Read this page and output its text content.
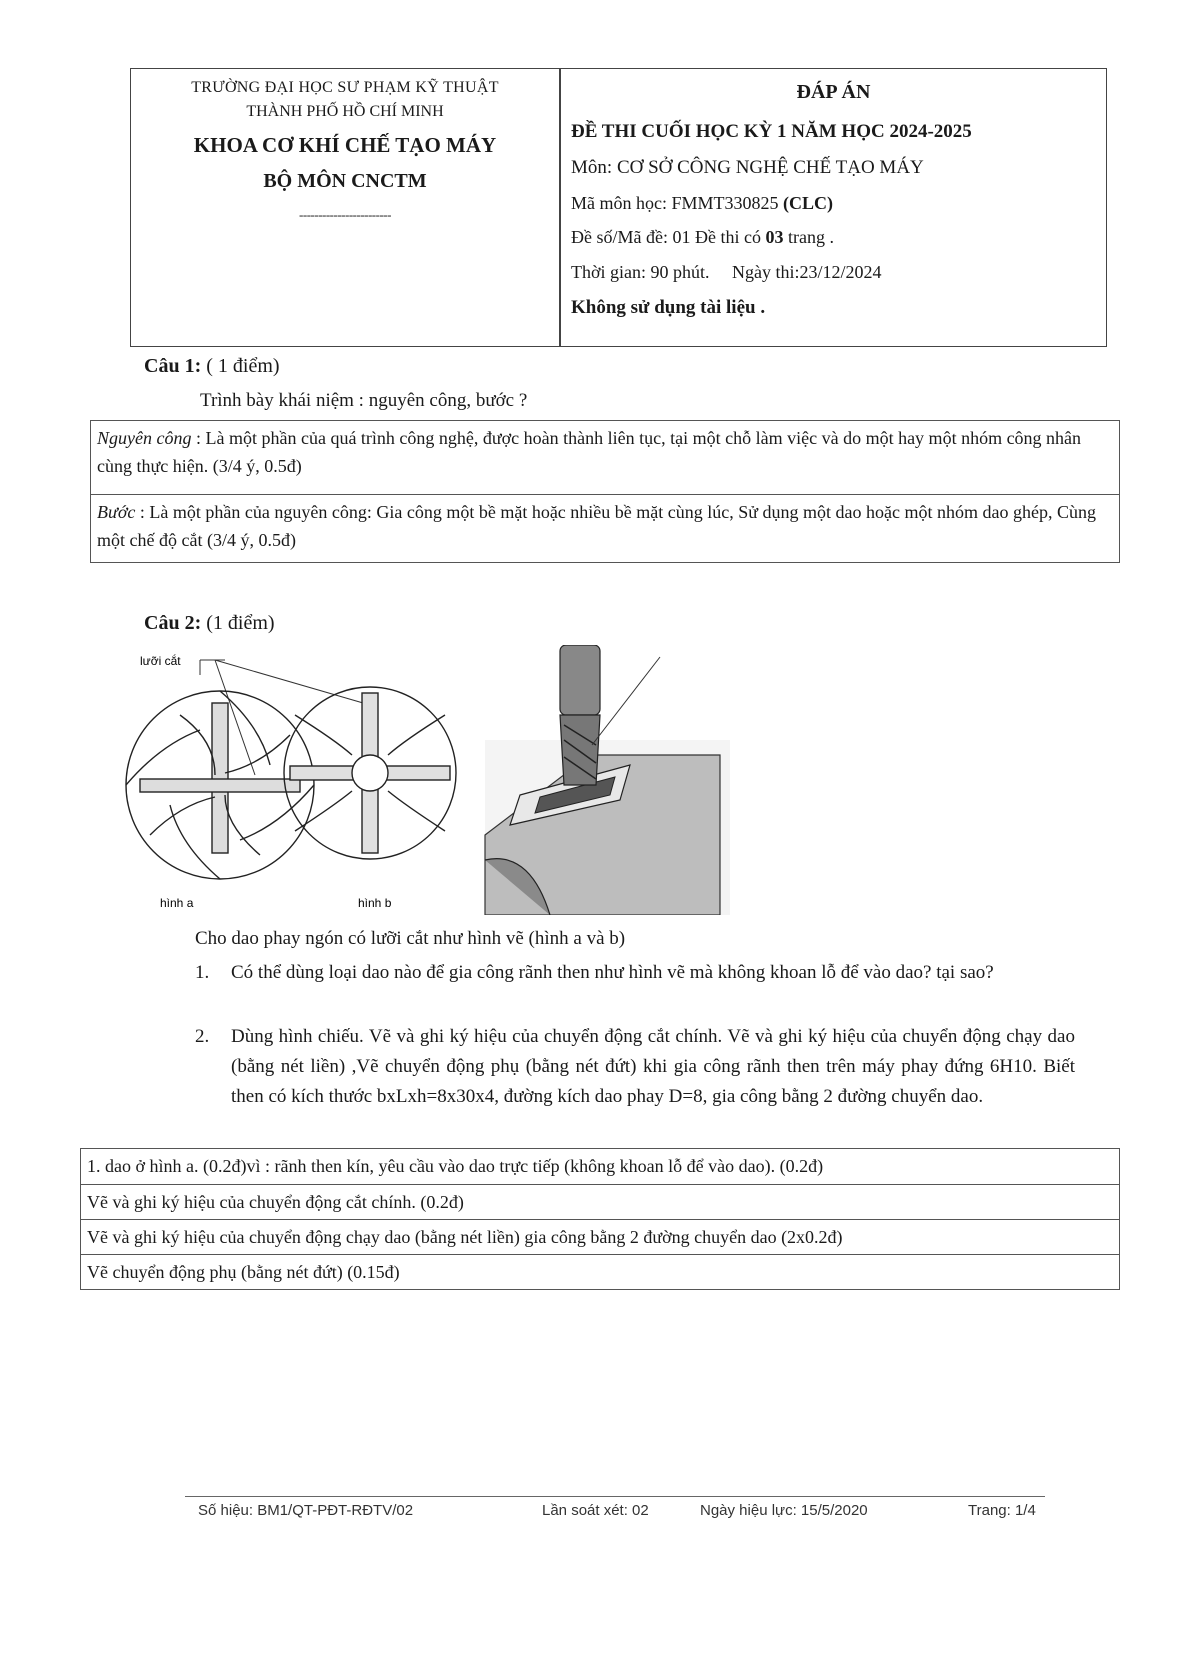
TRƯỜNG ĐẠI HỌC SƯ PHẠM KỸ THUẬT
THÀNH PHỐ HỒ CHÍ MINH
KHOA CƠ KHÍ CHẾ TẠO MÁY
BỘ MÔN CNCTM
------------------------
ĐÁP ÁN
ĐỀ THI CUỐI HỌC KỲ 1 NĂM HỌC 2024-2025
Môn: CƠ SỞ CÔNG NGHỆ CHẾ TẠO MÁY
Mã môn học: FMMT330825 (CLC)
Đề số/Mã đề: 01 Đề thi có 03 trang .
Thời gian: 90 phút. Ngày thi:23/12/2024
Không sử dụng tài liệu .
Câu 1: ( 1 điểm)
Trình bày khái niệm : nguyên công, bước ?
Nguyên công : Là một phần của quá trình công nghệ, được hoàn thành liên tục, tại một chỗ làm việc và do một hay một nhóm công nhân cùng thực hiện. (3/4 ý, 0.5đ)
Bước : Là một phần của nguyên công: Gia công một bề mặt hoặc nhiều bề mặt cùng lúc, Sử dụng một dao hoặc một nhóm dao ghép, Cùng một chế độ cắt (3/4 ý, 0.5đ)
Câu 2: (1 điểm)
lưỡi cắt
hình a	hình b
Cho dao phay ngón có lưỡi cắt như hình vẽ (hình a và b)
1. Có thể dùng loại dao nào để gia công rãnh then như hình vẽ mà không khoan lỗ để vào dao? tại sao?
2. Dùng hình chiếu. Vẽ và ghi ký hiệu của chuyển động cắt chính. Vẽ và ghi ký hiệu của chuyển động chạy dao (bằng nét liền) ,Vẽ chuyển động phụ (bằng nét đứt) khi gia công rãnh then trên máy phay đứng 6H10. Biết then có kích thước bxLxh=8x30x4, đường kích dao phay D=8, gia công bằng 2 đường chuyển dao.
1. dao ở hình a. (0.2đ)vì : rãnh then kín, yêu cầu vào dao trực tiếp (không khoan lỗ để vào dao). (0.2đ)
Vẽ và ghi ký hiệu của chuyển động cắt chính. (0.2đ)
Vẽ và ghi ký hiệu của chuyển động chạy dao (bằng nét liền) gia công bằng 2 đường chuyển dao (2x0.2đ)
Vẽ chuyển động phụ (bằng nét đứt) (0.15đ)
Số hiệu: BM1/QT-PĐT-RĐTV/02	Lần soát xét: 02	Ngày hiệu lực: 15/5/2020	Trang: 1/4
